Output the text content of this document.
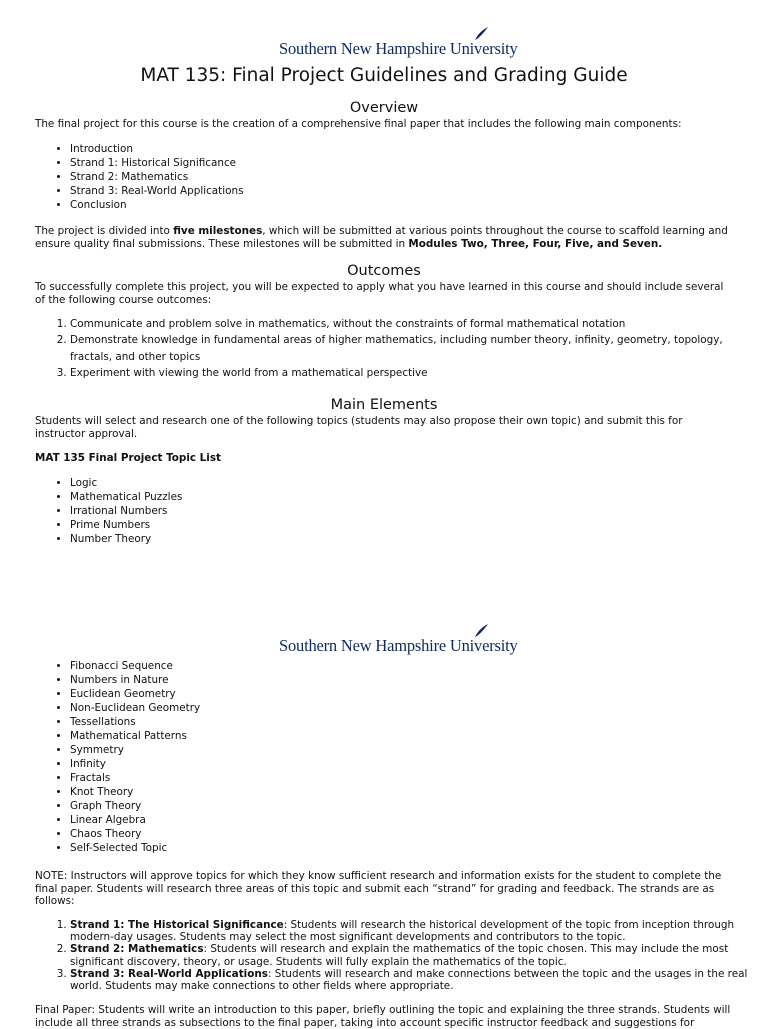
Southern New Hampshire University
MAT 135: Final Project Guidelines and Grading Guide
Overview

The final project for this course is the creation of a comprehensive final paper that includes the following main components:

• Introduction
• Strand 1: Historical Significance
• Strand 2: Mathematics
• Strand 3: Real-World Applications
• Conclusion

The project is divided into five milestones, which will be submitted at various points throughout the course to scaffold learning and ensure quality final submissions. These milestones will be submitted in Modules Two, Three, Four, Five, and Seven.

Outcomes

To successfully complete this project, you will be expected to apply what you have learned in this course and should include several of the following course outcomes:

1. Communicate and problem solve in mathematics, without the constraints of formal mathematical notation
2. Demonstrate knowledge in fundamental areas of higher mathematics, including number theory, infinity, geometry, topology, fractals, and other topics
3. Experiment with viewing the world from a mathematical perspective
Main Elements

Students will select and research one of the following topics (students may also propose their own topic) and submit this for instructor approval.

MAT 135 Final Project Topic List

• Logic
• Mathematical Puzzles
• Irrational Numbers
• Prime Numbers
• Number Theory
Southern New Hampshire University
• Fibonacci Sequence
• Numbers in Nature
• Euclidean Geometry
• Non-Euclidean Geometry
• Tessellations
• Mathematical Patterns
• Symmetry
• Infinity
• Fractals
• Knot Theory
• Graph Theory
• Linear Algebra
• Chaos Theory
• Self-Selected Topic

NOTE: Instructors will approve topics for which they know sufficient research and information exists for the student to complete the final paper. Students will research three areas of this topic and submit each “strand” for grading and feedback. The strands are as follows:

1. Strand 1: The Historical Significance: Students will research the historical development of the topic from inception through modern-day usages. Students may select the most significant developments and contributors to the topic.
2. Strand 2: Mathematics: Students will research and explain the mathematics of the topic chosen. This may include the most significant discovery, theory, or usage. Students will fully explain the mathematics of the topic.
3. Strand 3: Real-World Applications: Students will research and make connections between the topic and the usages in the real world. Students may make connections to other fields where appropriate.

Final Paper: Students will write an introduction to this paper, briefly outlining the topic and explaining the three strands. Students will include all three strands as subsections to the final paper, taking into account specific instructor feedback and suggestions for
